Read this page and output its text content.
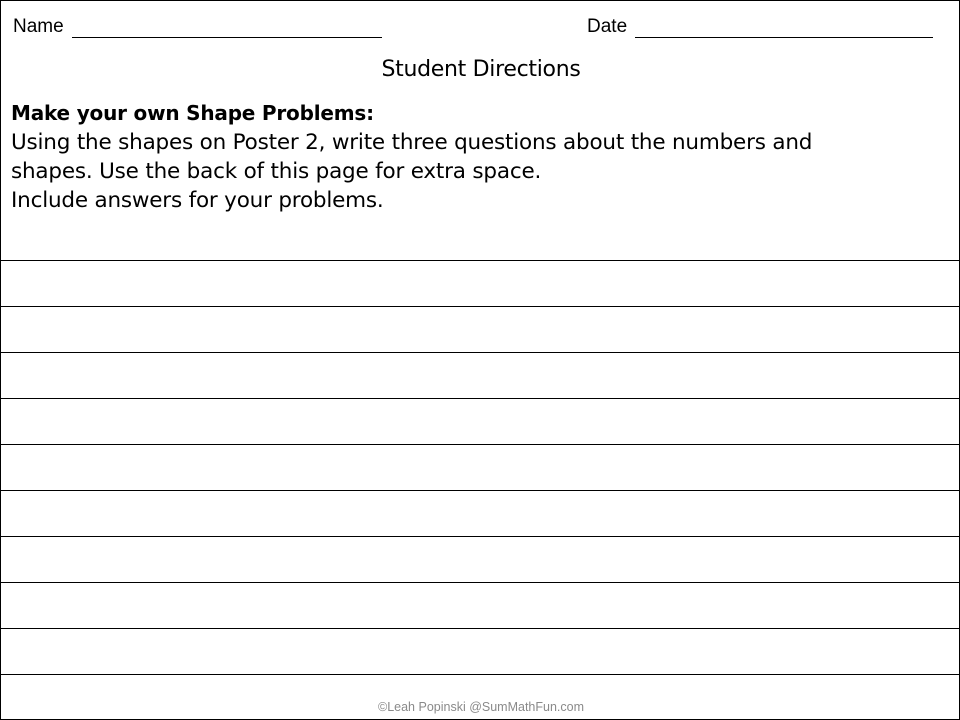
Name	Date
Student Directions
Make your own Shape Problems:
Using the shapes on Poster 2, write three questions about the numbers and
shapes. Use the back of this page for extra space.
Include answers for your problems.
©Leah Popinski @SumMathFun.com
